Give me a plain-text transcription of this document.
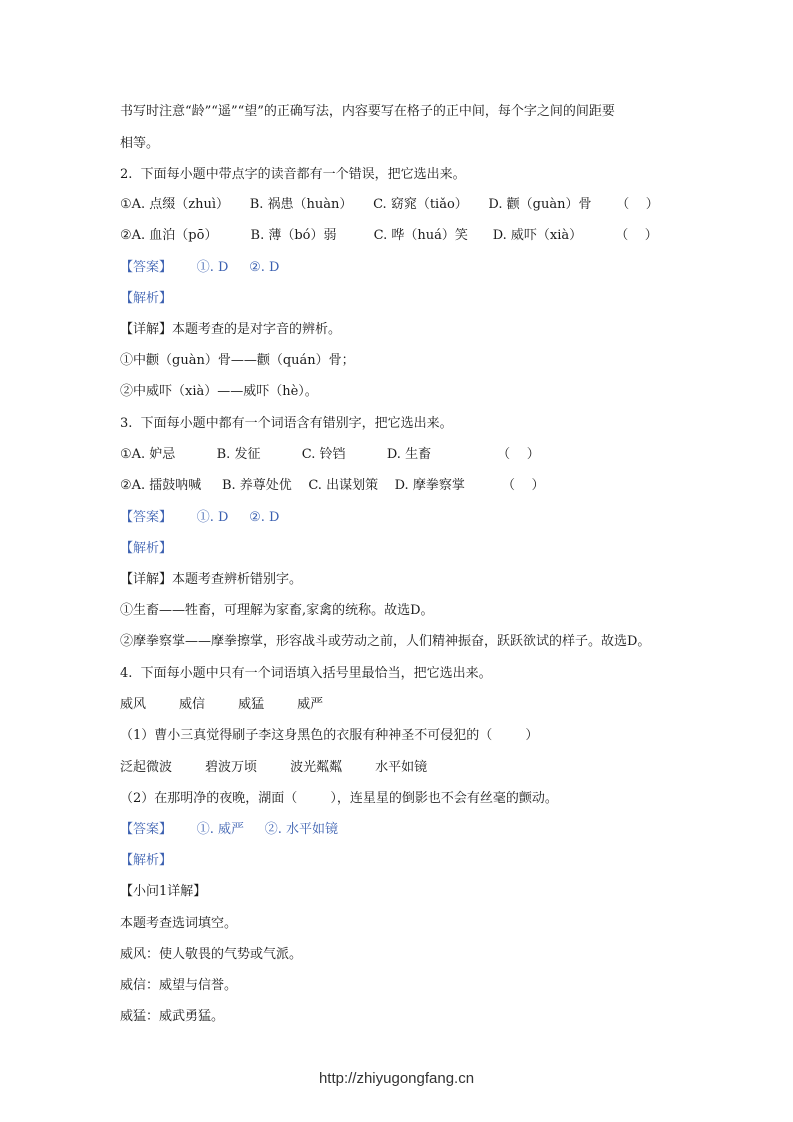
书写时注意“龄”“遥”“望”的正确写法，内容要写在格子的正中间，每个字之间的间距要
相等。
2.  下面每小题中带点字的读音都有一个错误，把它选出来。
①A. 点缀（zhuì）     B. 祸患（huàn）     C. 窈窕（tiǎo）     D. 颧（guàn）骨      （    ）
②A. 血泊（pō）        B. 薄（bó）弱         C. 哗（huá）笑      D. 威吓（xià）        （    ）
【答案】      ①. D     ②. D
【解析】
【详解】本题考查的是对字音的辨析。
①中颧（guàn）骨——颧（quán）骨；
②中威吓（xià）——威吓（hè）。
3.  下面每小题中都有一个词语含有错别字，把它选出来。
①A. 妒忌          B. 发征          C. 铃铛          D. 生畜                （    ）
②A. 擂鼓呐喊     B. 养尊处优    C. 出谋划策    D. 摩拳察掌         （    ）
【答案】      ①. D     ②. D
【解析】
【详解】本题考查辨析错别字。
①生畜——牲畜，可理解为家畜,家禽的统称。故选D。
②摩拳察掌——摩拳擦掌，形容战斗或劳动之前，人们精神振奋，跃跃欲试的样子。故选D。
4.  下面每小题中只有一个词语填入括号里最恰当，把它选出来。
威风        威信        威猛        威严
（1）曹小三真觉得刷子李这身黑色的衣服有种神圣不可侵犯的（        ）
泛起微波        碧波万顷        波光粼粼        水平如镜
（2）在那明净的夜晚，湖面（        ），连星星的倒影也不会有丝毫的颤动。
【答案】      ①. 威严     ②. 水平如镜
【解析】
【小问1详解】
本题考查选词填空。
威风：使人敬畏的气势或气派。
威信：威望与信誉。
威猛：威武勇猛。
http://zhiyugongfang.cn
